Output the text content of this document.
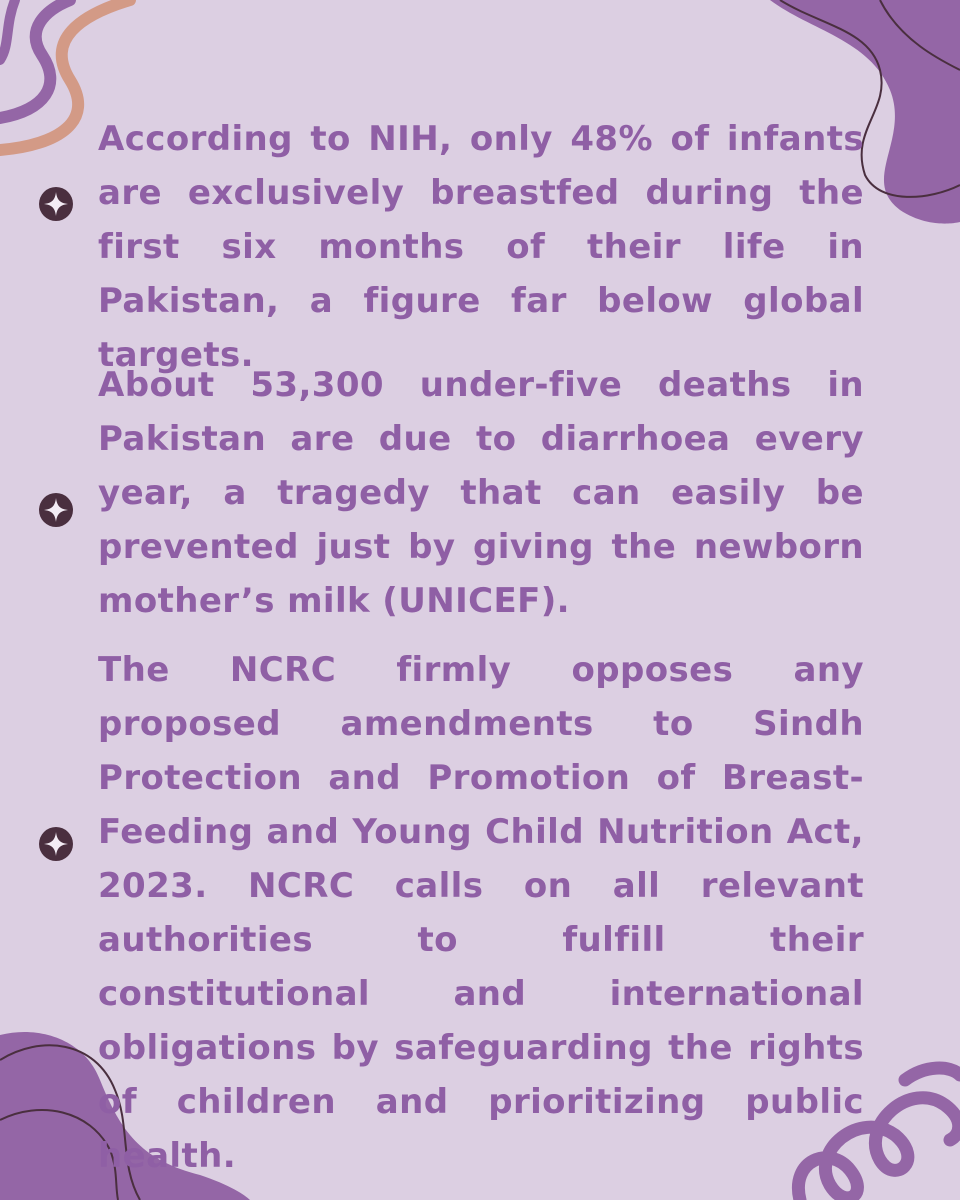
According to NIH, only 48% of infants are exclusively breastfed during the first six months of their life in Pakistan, a figure far below global targets.

About 53,300 under-five deaths in Pakistan are due to diarrhoea every year, a tragedy that can easily be prevented just by giving the newborn mother’s milk (UNICEF).

The NCRC firmly opposes any proposed amendments to Sindh Protection and Promotion of Breast-Feeding and Young Child Nutrition Act, 2023. NCRC calls on all relevant authorities to fulfill their constitutional and international obligations by safeguarding the rights of children and prioritizing public health.
